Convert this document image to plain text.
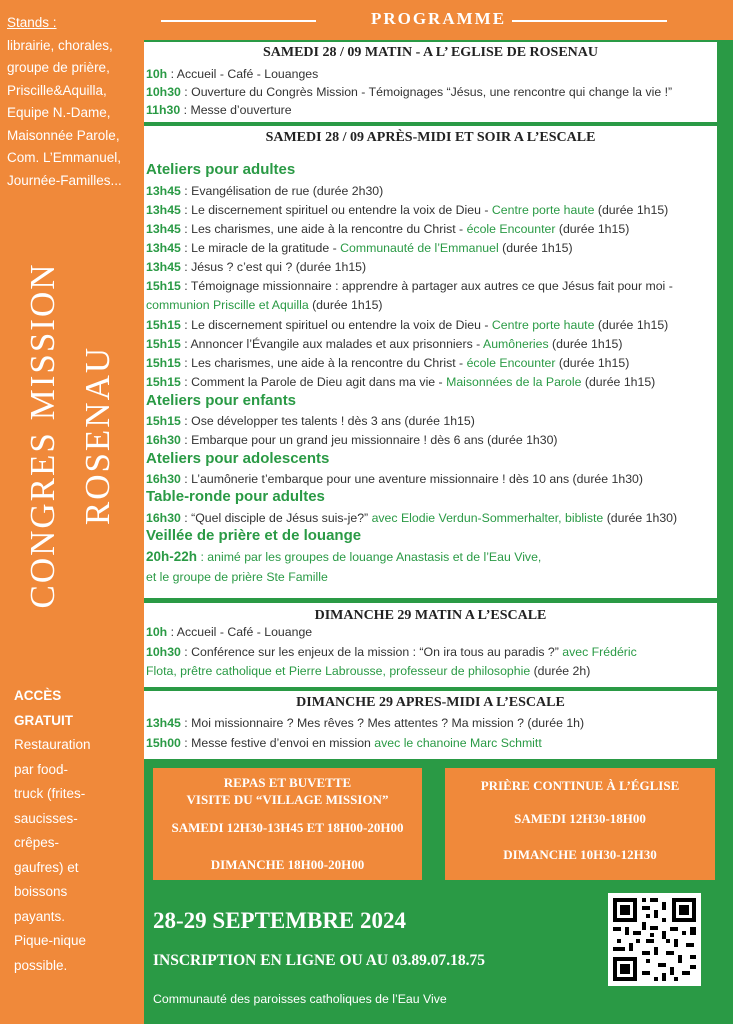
Stands :
librairie, chorales,
groupe de prière,
Priscille&Aquilla,
Equipe N.-Dame,
Maisonnée Parole,
Com. L’Emmanuel,
Journée-Familles...
CONGRES MISSION ROSENAU
ACCÈS
GRATUIT
Restauration
par food-
truck (frites-
saucisses-
crêpes-
gaufres) et
boissons
payants.
Pique-nique
possible.
PROGRAMME
SAMEDI 28 / 09 MATIN - A L’ EGLISE DE ROSENAU
10h : Accueil - Café - Louanges
10h30 : Ouverture du Congrès Mission - Témoignages “Jésus, une rencontre qui change la vie !”
11h30 : Messe d’ouverture
SAMEDI 28 / 09 APRÈS-MIDI ET SOIR A L’ESCALE
Ateliers pour adultes
13h45 : Evangélisation de rue (durée 2h30)
13h45 : Le discernement spirituel ou entendre la voix de Dieu - Centre porte haute (durée 1h15)
13h45 : Les charismes, une aide à la rencontre du Christ - école Encounter (durée 1h15)
13h45 : Le miracle de la gratitude - Communauté de l’Emmanuel (durée 1h15)
13h45 : Jésus ? c’est qui ? (durée 1h15)
15h15 : Témoignage missionnaire : apprendre à partager aux autres ce que Jésus fait pour moi -
communion Priscille et Aquilla (durée 1h15)
15h15 : Le discernement spirituel ou entendre la voix de Dieu - Centre porte haute (durée 1h15)
15h15 : Annoncer l’Évangile aux malades et aux prisonniers - Aumôneries (durée 1h15)
15h15 : Les charismes, une aide à la rencontre du Christ - école Encounter (durée 1h15)
15h15 : Comment la Parole de Dieu agit dans ma vie - Maisonnées de la Parole (durée 1h15)
Ateliers pour enfants
15h15 : Ose développer tes talents ! dès 3 ans (durée 1h15)
16h30 : Embarque pour un grand jeu missionnaire ! dès 6 ans (durée 1h30)
Ateliers pour adolescents
16h30 : L’aumônerie t’embarque pour une aventure missionnaire ! dès 10 ans (durée 1h30)
Table-ronde pour adultes
16h30 : “Quel disciple de Jésus suis-je?” avec Elodie Verdun-Sommerhalter, bibliste (durée 1h30)
Veillée de prière et de louange
20h-22h : animé par les groupes de louange Anastasis et de l’Eau Vive,
et le groupe de prière Ste Famille
DIMANCHE 29 MATIN A L’ESCALE
10h : Accueil - Café - Louange
10h30 : Conférence sur les enjeux de la mission : “On ira tous au paradis ?” avec Frédéric
Flota, prêtre catholique et Pierre Labrousse, professeur de philosophie (durée 2h)
DIMANCHE 29 APRES-MIDI A L’ESCALE
13h45 : Moi missionnaire ? Mes rêves ? Mes attentes ? Ma mission ? (durée 1h)
15h00 : Messe festive d’envoi en mission avec le chanoine Marc Schmitt
REPAS ET BUVETTE
VISITE DU “VILLAGE MISSION”
SAMEDI 12H30-13H45 ET 18H00-20H00
DIMANCHE 18H00-20H00
PRIÈRE CONTINUE À L’ÉGLISE
SAMEDI 12H30-18H00
DIMANCHE 10H30-12H30
28-29 SEPTEMBRE 2024
INSCRIPTION EN LIGNE OU AU 03.89.07.18.75
Communauté des paroisses catholiques de l’Eau Vive
